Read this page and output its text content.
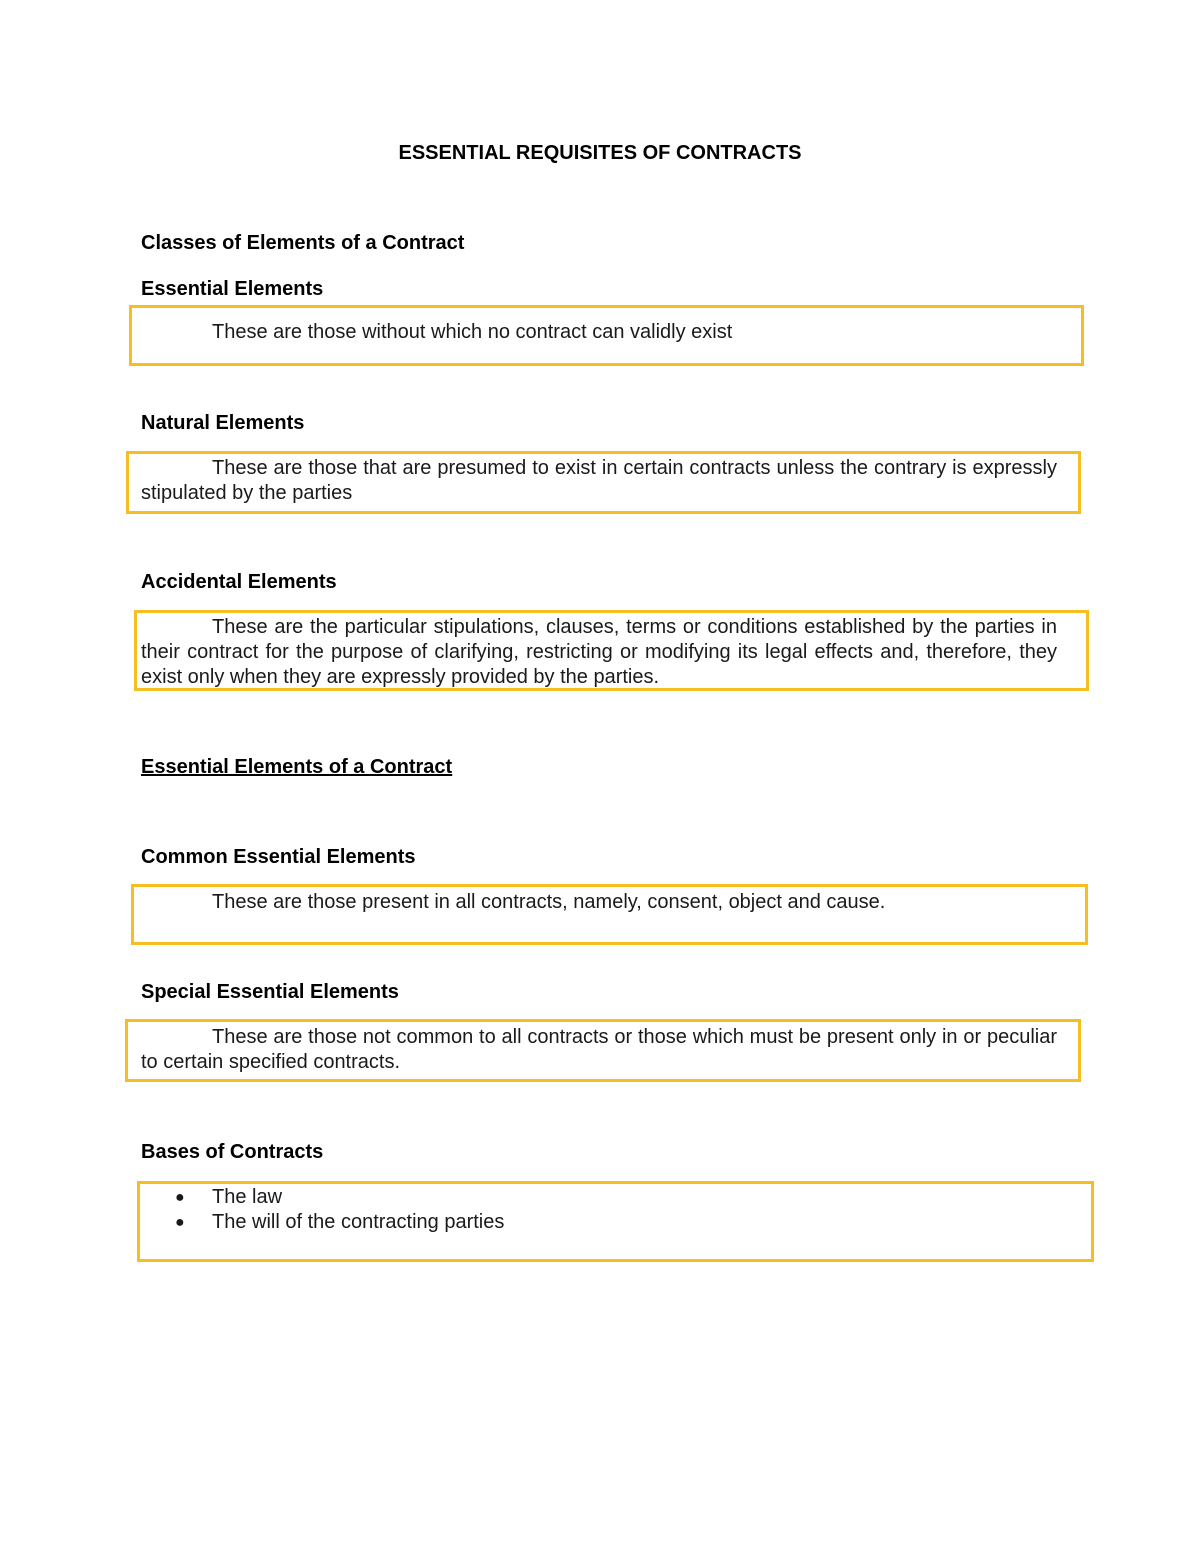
ESSENTIAL REQUISITES OF CONTRACTS
Classes of Elements of a Contract
Essential Elements
These are those without which no contract can validly exist
Natural Elements
These are those that are presumed to exist in certain contracts unless the contrary is expressly stipulated by the parties
Accidental Elements
These are the particular stipulations, clauses, terms or conditions established by the parties in their contract for the purpose of clarifying, restricting or modifying its legal effects and, therefore, they exist only when they are expressly provided by the parties.
Essential Elements of a Contract
Common Essential Elements
These are those present in all contracts, namely, consent, object and cause.
Special Essential Elements
These are those not common to all contracts or those which must be present only in or peculiar to certain specified contracts.
Bases of Contracts
● The law
● The will of the contracting parties
